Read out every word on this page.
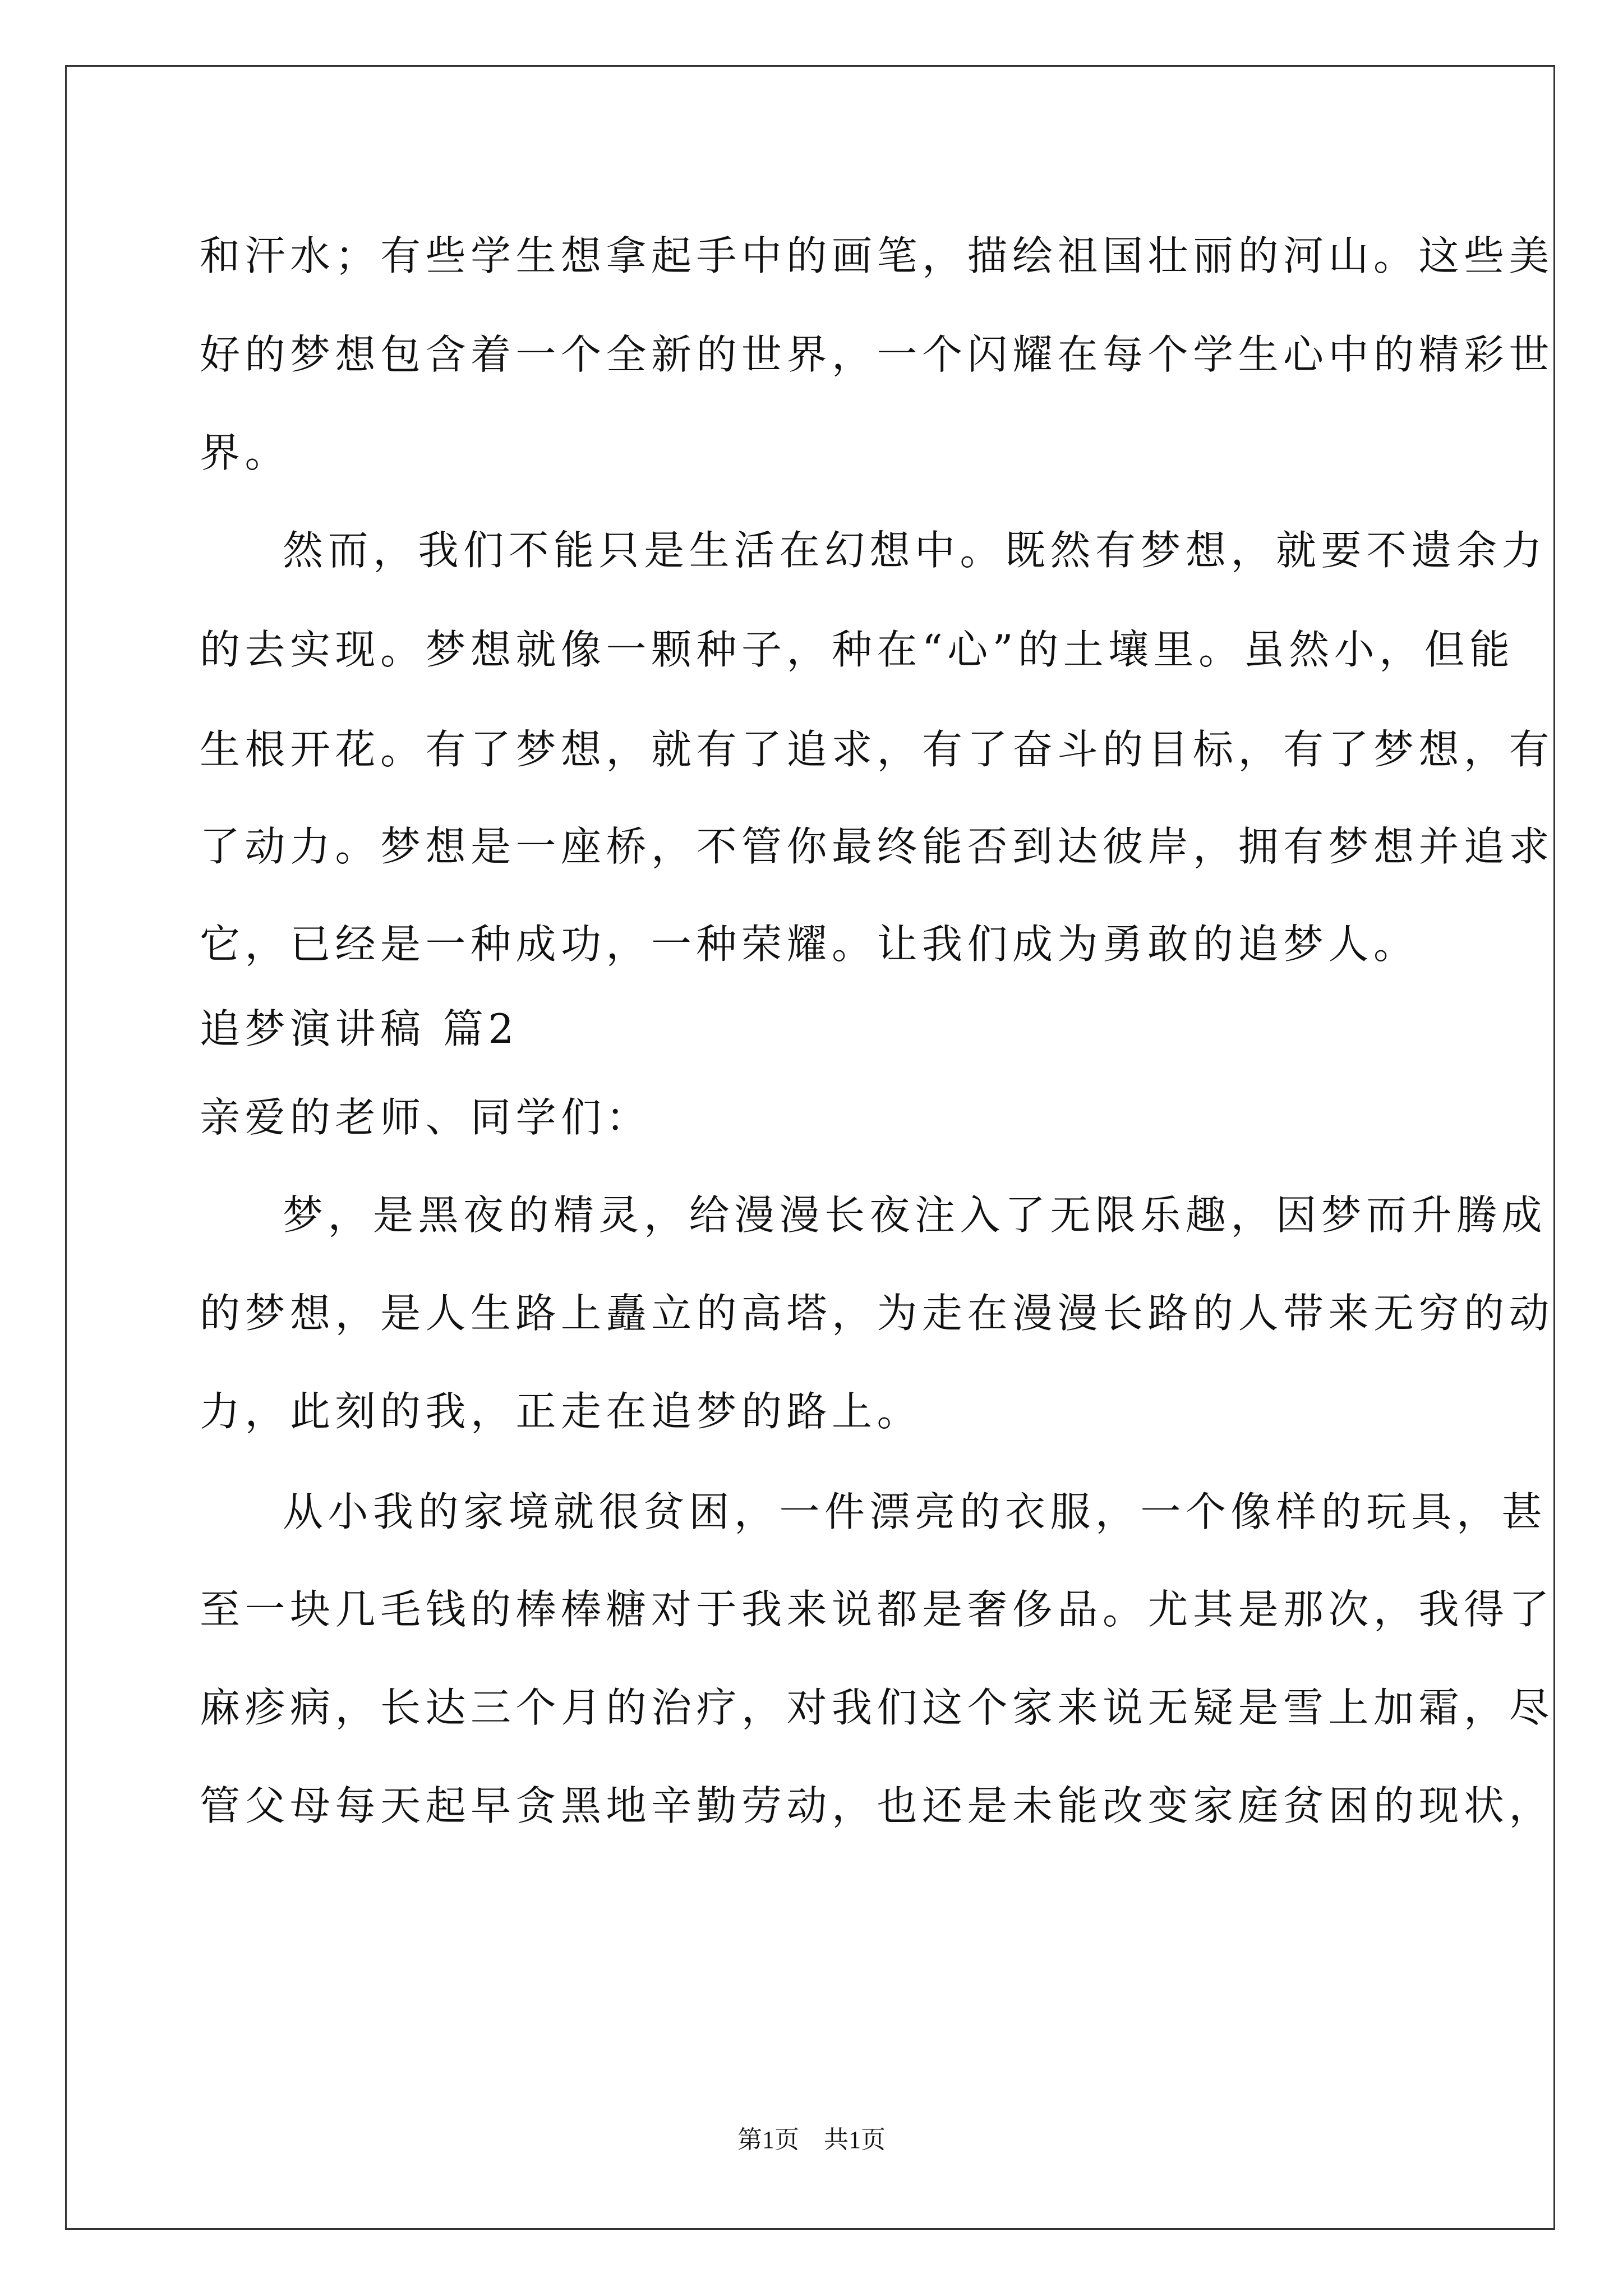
和汗水；有些学生想拿起手中的画笔，描绘祖国壮丽的河山。这些美
好的梦想包含着一个全新的世界，一个闪耀在每个学生心中的精彩世
界。
然而，我们不能只是生活在幻想中。既然有梦想，就要不遗余力
的去实现。梦想就像一颗种子，种在“心”的土壤里。虽然小，但能
生根开花。有了梦想，就有了追求，有了奋斗的目标，有了梦想，有
了动力。梦想是一座桥，不管你最终能否到达彼岸，拥有梦想并追求
它，已经是一种成功，一种荣耀。让我们成为勇敢的追梦人。
追梦演讲稿 篇2
亲爱的老师、同学们：
梦，是黑夜的精灵，给漫漫长夜注入了无限乐趣，因梦而升腾成
的梦想，是人生路上矗立的高塔，为走在漫漫长路的人带来无穷的动
力，此刻的我，正走在追梦的路上。
从小我的家境就很贫困，一件漂亮的衣服，一个像样的玩具，甚
至一块几毛钱的棒棒糖对于我来说都是奢侈品。尤其是那次，我得了
麻疹病，长达三个月的治疗，对我们这个家来说无疑是雪上加霜，尽
管父母每天起早贪黑地辛勤劳动，也还是未能改变家庭贫困的现状，
第1页　共1页
